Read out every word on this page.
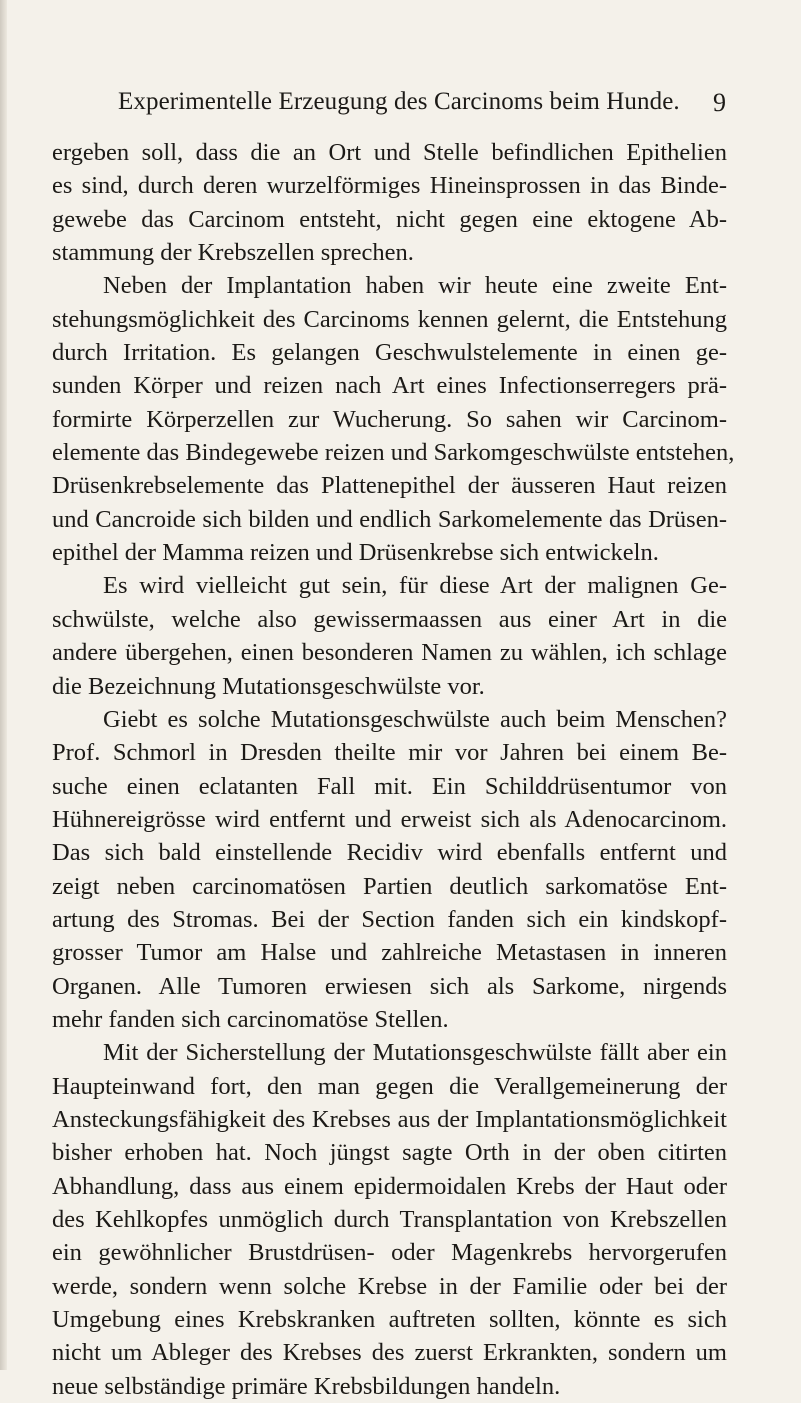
Experimentelle Erzeugung des Carcinoms beim Hunde. 9
ergeben soll, dass die an Ort und Stelle befindlichen Epithelien
es sind, durch deren wurzelförmiges Hineinsprossen in das Binde-
gewebe das Carcinom entsteht, nicht gegen eine ektogene Ab-
stammung der Krebszellen sprechen.
Neben der Implantation haben wir heute eine zweite Ent-
stehungsmöglichkeit des Carcinoms kennen gelernt, die Entstehung
durch Irritation. Es gelangen Geschwulstelemente in einen ge-
sunden Körper und reizen nach Art eines Infectionserregers prä-
formirte Körperzellen zur Wucherung. So sahen wir Carcinom-
elemente das Bindegewebe reizen und Sarkomgeschwülste entstehen,
Drüsenkrebselemente das Plattenepithel der äusseren Haut reizen
und Cancroide sich bilden und endlich Sarkomelemente das Drüsen-
epithel der Mamma reizen und Drüsenkrebse sich entwickeln.
Es wird vielleicht gut sein, für diese Art der malignen Ge-
schwülste, welche also gewissermaassen aus einer Art in die
andere übergehen, einen besonderen Namen zu wählen, ich schlage
die Bezeichnung Mutationsgeschwülste vor.
Giebt es solche Mutationsgeschwülste auch beim Menschen?
Prof. Schmorl in Dresden theilte mir vor Jahren bei einem Be-
suche einen eclatanten Fall mit. Ein Schilddrüsentumor von
Hühnereigrösse wird entfernt und erweist sich als Adenocarcinom.
Das sich bald einstellende Recidiv wird ebenfalls entfernt und
zeigt neben carcinomatösen Partien deutlich sarkomatöse Ent-
artung des Stromas. Bei der Section fanden sich ein kindskopf-
grosser Tumor am Halse und zahlreiche Metastasen in inneren
Organen. Alle Tumoren erwiesen sich als Sarkome, nirgends
mehr fanden sich carcinomatöse Stellen.
Mit der Sicherstellung der Mutationsgeschwülste fällt aber ein
Haupteinwand fort, den man gegen die Verallgemeinerung der
Ansteckungsfähigkeit des Krebses aus der Implantationsmöglichkeit
bisher erhoben hat. Noch jüngst sagte Orth in der oben citirten
Abhandlung, dass aus einem epidermoidalen Krebs der Haut oder
des Kehlkopfes unmöglich durch Transplantation von Krebszellen
ein gewöhnlicher Brustdrüsen- oder Magenkrebs hervorgerufen
werde, sondern wenn solche Krebse in der Familie oder bei der
Umgebung eines Krebskranken auftreten sollten, könnte es sich
nicht um Ableger des Krebses des zuerst Erkrankten, sondern um
neue selbständige primäre Krebsbildungen handeln.
